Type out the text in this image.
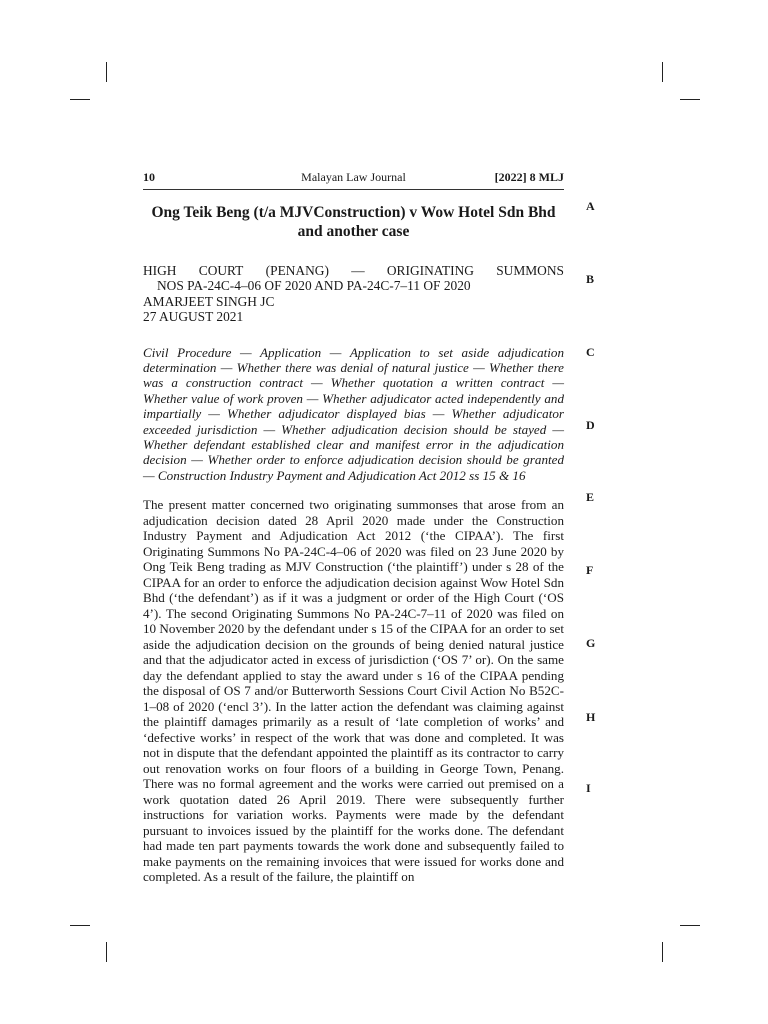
10	Malayan Law Journal	[2022] 8 MLJ
Ong Teik Beng (t/a MJVConstruction) v Wow Hotel Sdn Bhd
and another case
HIGH COURT (PENANG) — ORIGINATING SUMMONS
NOS PA-24C-4–06 OF 2020 AND PA-24C-7–11 OF 2020
AMARJEET SINGH JC
27 AUGUST 2021
Civil Procedure — Application — Application to set aside adjudication determination — Whether there was denial of natural justice — Whether there was a construction contract — Whether quotation a written contract — Whether value of work proven — Whether adjudicator acted independently and impartially — Whether adjudicator displayed bias — Whether adjudicator exceeded jurisdiction — Whether adjudication decision should be stayed — Whether defendant established clear and manifest error in the adjudication decision — Whether order to enforce adjudication decision should be granted — Construction Industry Payment and Adjudication Act 2012 ss 15 & 16
The present matter concerned two originating summonses that arose from an adjudication decision dated 28 April 2020 made under the Construction Industry Payment and Adjudication Act 2012 (‘the CIPAA’). The first Originating Summons No PA-24C-4–06 of 2020 was filed on 23 June 2020 by Ong Teik Beng trading as MJV Construction (‘the plaintiff’) under s 28 of the CIPAA for an order to enforce the adjudication decision against Wow Hotel Sdn Bhd (‘the defendant’) as if it was a judgment or order of the High Court (‘OS 4’). The second Originating Summons No PA-24C-7–11 of 2020 was filed on 10 November 2020 by the defendant under s 15 of the CIPAA for an order to set aside the adjudication decision on the grounds of being denied natural justice and that the adjudicator acted in excess of jurisdiction (‘OS 7’ or). On the same day the defendant applied to stay the award under s 16 of the CIPAA pending the disposal of OS 7 and/or Butterworth Sessions Court Civil Action No B52C-1–08 of 2020 (‘encl 3’). In the latter action the defendant was claiming against the plaintiff damages primarily as a result of ‘late completion of works’ and ‘defective works’ in respect of the work that was done and completed. It was not in dispute that the defendant appointed the plaintiff as its contractor to carry out renovation works on four floors of a building in George Town, Penang. There was no formal agreement and the works were carried out premised on a work quotation dated 26 April 2019. There were subsequently further instructions for variation works. Payments were made by the defendant pursuant to invoices issued by the plaintiff for the works done. The defendant had made ten part payments towards the work done and subsequently failed to make payments on the remaining invoices that were issued for works done and completed. As a result of the failure, the plaintiff on
A
B
C
D
E
F
G
H
I
